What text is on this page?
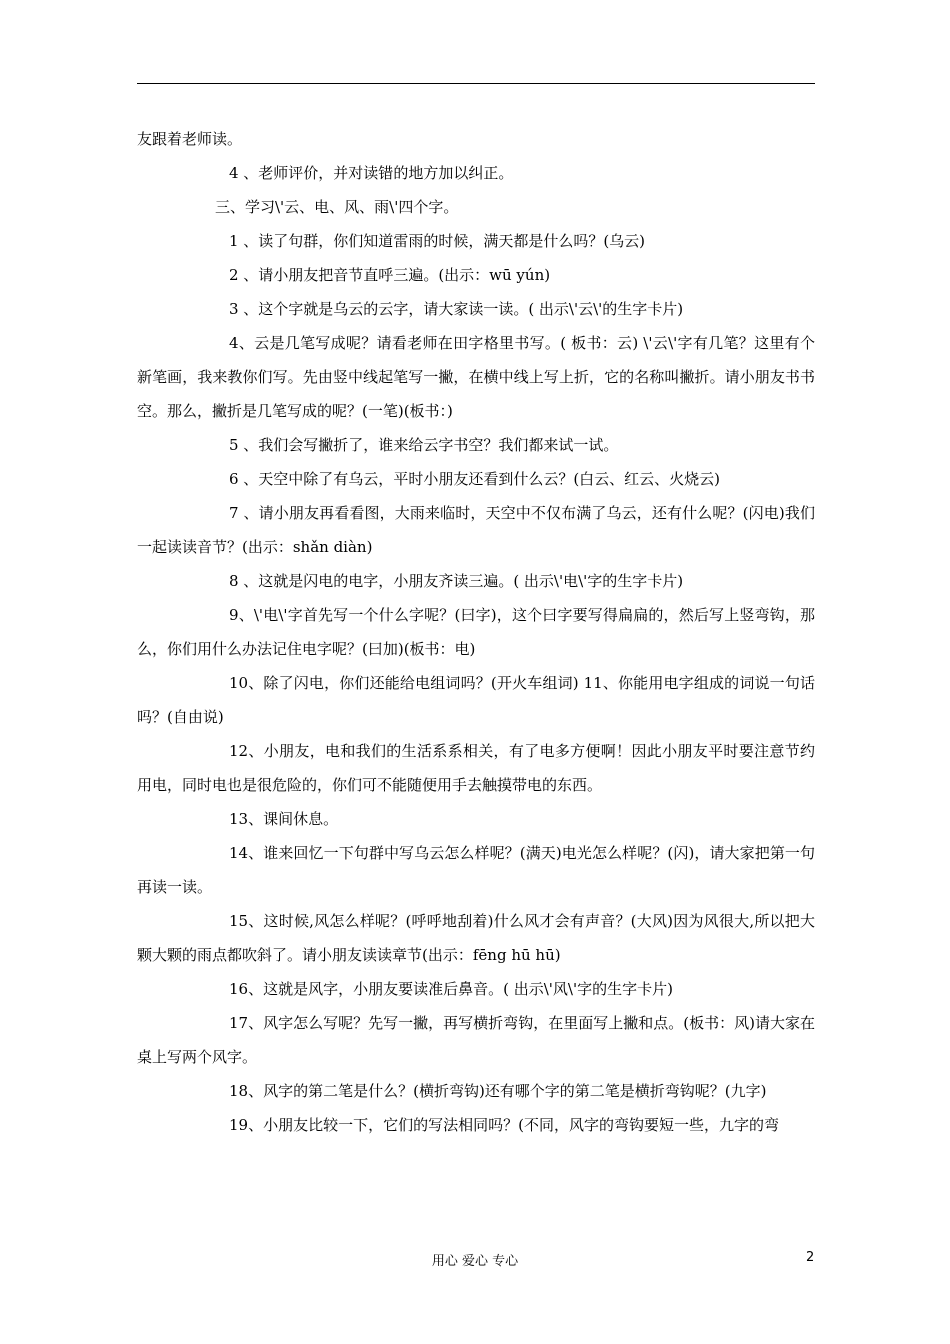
友跟着老师读。

4 、老师评价，并对读错的地方加以纠正。

三、学习\'云、电、风、雨\'四个字。

1 、读了句群，你们知道雷雨的时候，满天都是什么吗？(乌云)

2 、请小朋友把音节直呼三遍。(出示：wū yún)

3 、这个字就是乌云的云字，请大家读一读。( 出示\'云\'的生字卡片)

4、云是几笔写成呢？请看老师在田字格里书写。( 板书：云) \'云\'字有几笔？这里有个新笔画，我来教你们写。先由竖中线起笔写一撇，在横中线上写上折，它的名称叫撇折。请小朋友书书空。那么，撇折是几笔写成的呢？(一笔)(板书：)

5 、我们会写撇折了，谁来给云字书空？我们都来试一试。

6 、天空中除了有乌云，平时小朋友还看到什么云？(白云、红云、火烧云)

7 、请小朋友再看看图，大雨来临时，天空中不仅布满了乌云，还有什么呢？(闪电)我们一起读读音节？(出示：shǎn diàn)

8 、这就是闪电的电字，小朋友齐读三遍。( 出示\'电\'字的生字卡片)

9、\'电\'字首先写一个什么字呢？(曰字)，这个曰字要写得扁扁的，然后写上竖弯钩，那么，你们用什么办法记住电字呢？(曰加)(板书：电)

10、除了闪电，你们还能给电组词吗？(开火车组词) 11、你能用电字组成的词说一句话吗？(自由说)

12、小朋友，电和我们的生活系系相关，有了电多方便啊！因此小朋友平时要注意节约用电，同时电也是很危险的，你们可不能随便用手去触摸带电的东西。

13、课间休息。

14、谁来回忆一下句群中写乌云怎么样呢？(满天)电光怎么样呢？(闪)，请大家把第一句再读一读。

15、这时候,风怎么样呢？(呼呼地刮着)什么风才会有声音？(大风)因为风很大,所以把大颗大颗的雨点都吹斜了。请小朋友读读章节(出示：fēng hū hū)

16、这就是风字，小朋友要读准后鼻音。( 出示\'风\'字的生字卡片)

17、风字怎么写呢？先写一撇，再写横折弯钩，在里面写上撇和点。(板书：风)请大家在桌上写两个风字。

18、风字的第二笔是什么？(横折弯钩)还有哪个字的第二笔是横折弯钩呢？(九字)

19、小朋友比较一下，它们的写法相同吗？(不同，风字的弯钩要短一些，九字的弯

用心 爱心 专心	2
